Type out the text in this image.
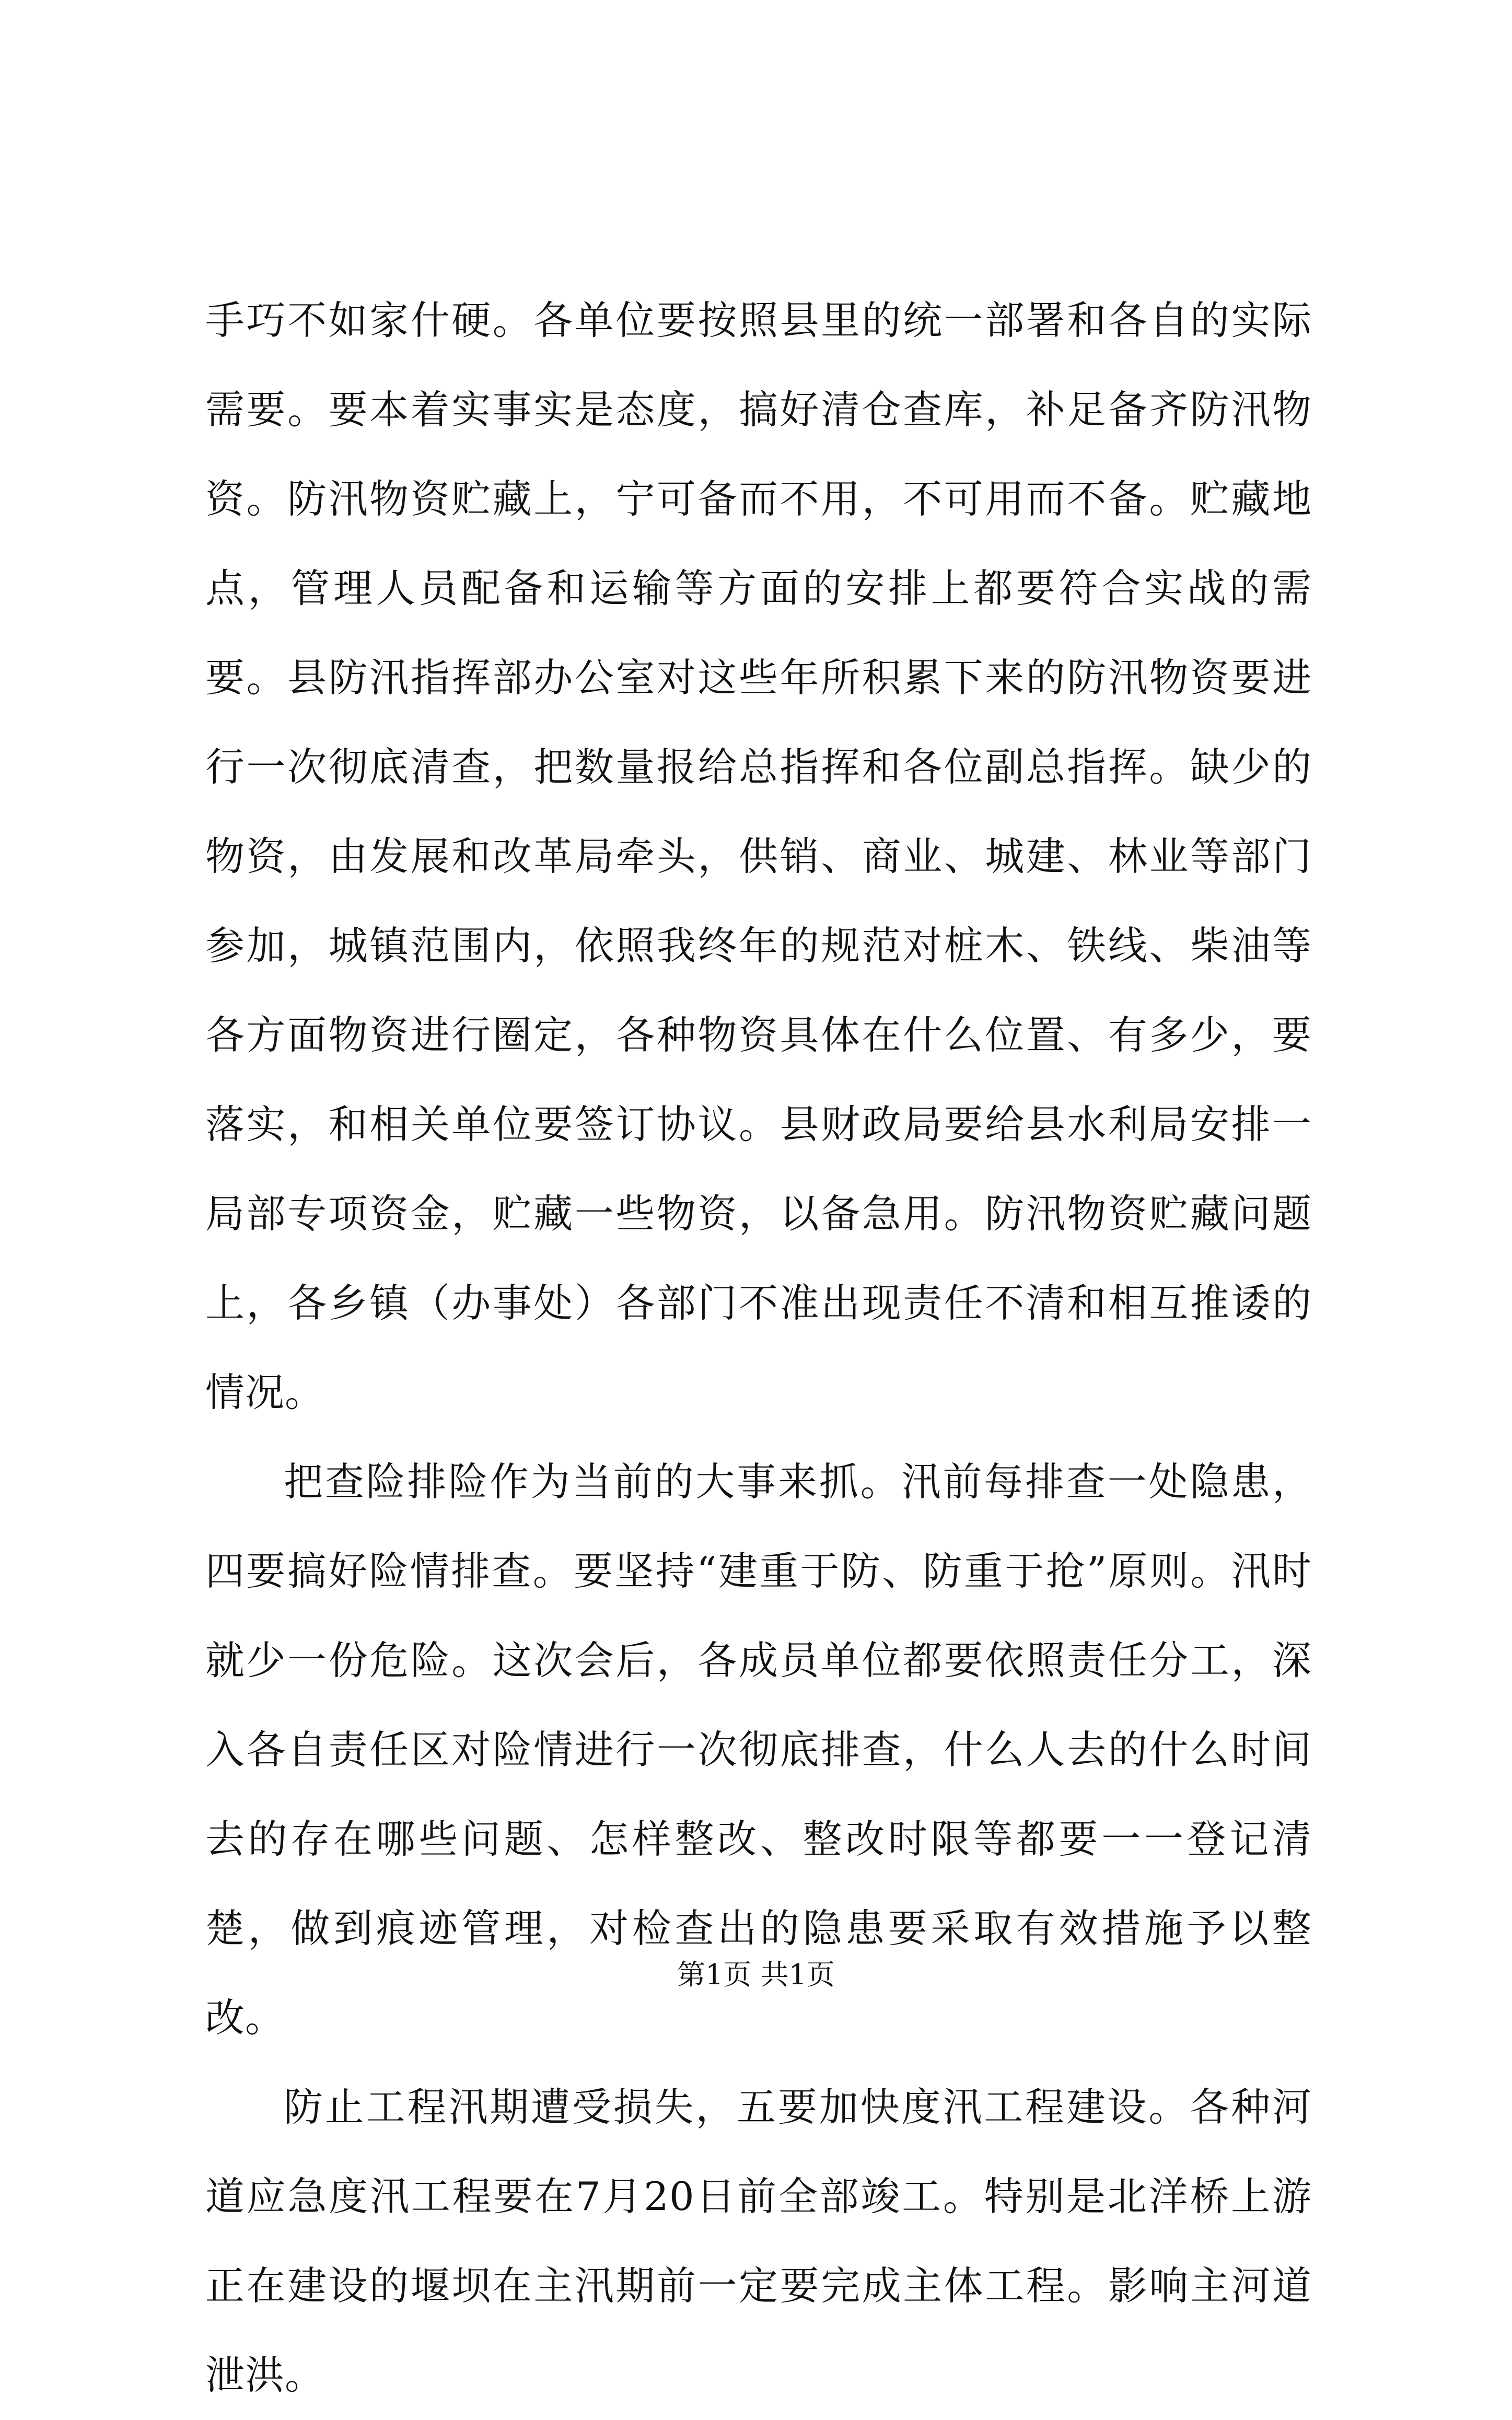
手巧不如家什硬。各单位要按照县里的统一部署和各自的实际需要。要本着实事实是态度，搞好清仓查库，补足备齐防汛物资。防汛物资贮藏上，宁可备而不用，不可用而不备。贮藏地点，管理人员配备和运输等方面的安排上都要符合实战的需要。县防汛指挥部办公室对这些年所积累下来的防汛物资要进行一次彻底清查，把数量报给总指挥和各位副总指挥。缺少的物资，由发展和改革局牵头，供销、商业、城建、林业等部门参加，城镇范围内，依照我终年的规范对桩木、铁线、柴油等各方面物资进行圈定，各种物资具体在什么位置、有多少，要落实，和相关单位要签订协议。县财政局要给县水利局安排一局部专项资金，贮藏一些物资，以备急用。防汛物资贮藏问题上，各乡镇（办事处）各部门不准出现责任不清和相互推诿的情况。

把查险排险作为当前的大事来抓。汛前每排查一处隐患，四要搞好险情排查。要坚持“建重于防、防重于抢”原则。汛时就少一份危险。这次会后，各成员单位都要依照责任分工，深入各自责任区对险情进行一次彻底排查，什么人去的什么时间去的存在哪些问题、怎样整改、整改时限等都要一一登记清楚，做到痕迹管理，对检查出的隐患要采取有效措施予以整改。

防止工程汛期遭受损失，五要加快度汛工程建设。各种河道应急度汛工程要在7月20日前全部竣工。特别是北洋桥上游正在建设的堰坝在主汛期前一定要完成主体工程。影响主河道泄洪。

第1页 共1页
